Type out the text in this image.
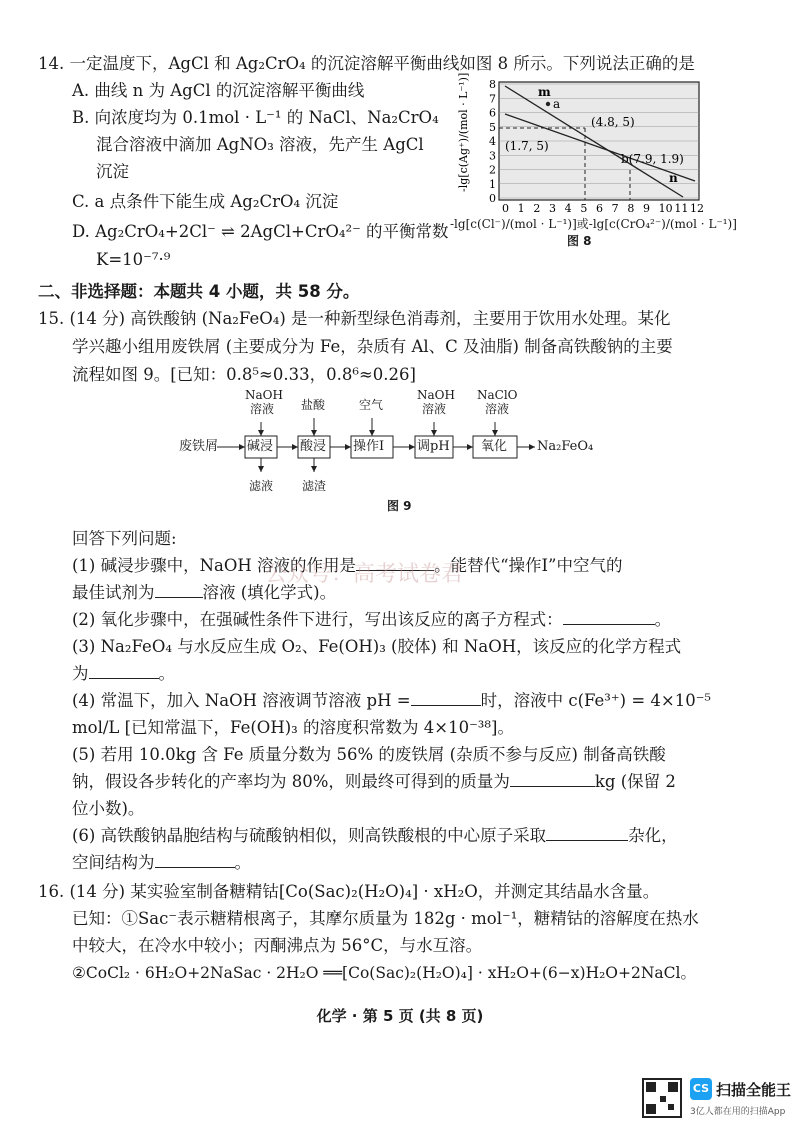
14. 一定温度下，AgCl 和 Ag₂CrO₄ 的沉淀溶解平衡曲线如图 8 所示。下列说法正确的是
A. 曲线 n 为 AgCl 的沉淀溶解平衡曲线
B. 向浓度均为 0.1mol · L⁻¹ 的 NaCl、Na₂CrO₄
混合溶液中滴加 AgNO₃ 溶液，先产生 AgCl
沉淀
C. a 点条件下能生成 Ag₂CrO₄ 沉淀
D. Ag₂CrO₄+2Cl⁻ ⇌ 2AgCl+CrO₄²⁻ 的平衡常数
K=10⁻⁷·⁹
-lg[c(Ag⁺)/(mol · L⁻¹)]
0
1
2
3
4
5
6
7
8
0 1 2 3 4 5 6 7 8 9 10 11 12
a
m
n
(4.8, 5)
(1.7, 5)
b(7.9, 1.9)
-lg[c(Cl⁻)/(mol · L⁻¹)]或-lg[c(CrO₄²⁻)/(mol · L⁻¹)]
图 8
二、非选择题：本题共 4 小题，共 58 分。
15. (14 分) 高铁酸钠 (Na₂FeO₄) 是一种新型绿色消毒剂，主要用于饮用水处理。某化
学兴趣小组用废铁屑 (主要成分为 Fe，杂质有 Al、C 及油脂) 制备高铁酸钠的主要
流程如图 9。[已知：0.8⁵≈0.33，0.8⁶≈0.26]
废铁屑	Na₂FeO₄
碱浸 酸浸 操作Ⅰ	调pH 氧化
NaOH
溶液	盐酸	空气
NaOH
溶液
NaClO
溶液
滤液 滤渣
图 9
回答下列问题:
(1) 碱浸步骤中，NaOH 溶液的作用是	。能替代“操作Ⅰ”中空气的
最佳试剂为	溶液 (填化学式)。
公众号：高考试卷君
(2) 氧化步骤中，在强碱性条件下进行，写出该反应的离子方程式：	。
(3) Na₂FeO₄ 与水反应生成 O₂、Fe(OH)₃ (胶体) 和 NaOH，该反应的化学方程式
为	。
(4) 常温下，加入 NaOH 溶液调节溶液 pH =	时，溶液中 c(Fe³⁺) = 4×10⁻⁵
mol/L [已知常温下，Fe(OH)₃ 的溶度积常数为 4×10⁻³⁸]。
(5) 若用 10.0kg 含 Fe 质量分数为 56% 的废铁屑 (杂质不参与反应) 制备高铁酸
钠，假设各步转化的产率均为 80%，则最终可得到的质量为	kg (保留 2
位小数)。
(6) 高铁酸钠晶胞结构与硫酸钠相似，则高铁酸根的中心原子采取	杂化，
空间结构为	。
16. (14 分) 某实验室制备糖精钴[Co(Sac)₂(H₂O)₄] · xH₂O，并测定其结晶水含量。
已知：①Sac⁻表示糖精根离子，其摩尔质量为 182g · mol⁻¹，糖精钴的溶解度在热水
中较大，在冷水中较小；丙酮沸点为 56°C，与水互溶。
②CoCl₂ · 6H₂O+2NaSac · 2H₂O ══[Co(Sac)₂(H₂O)₄] · xH₂O+(6−x)H₂O+2NaCl。
化学 · 第 5 页 (共 8 页)
CS 扫描全能王
3亿人都在用的扫描App
